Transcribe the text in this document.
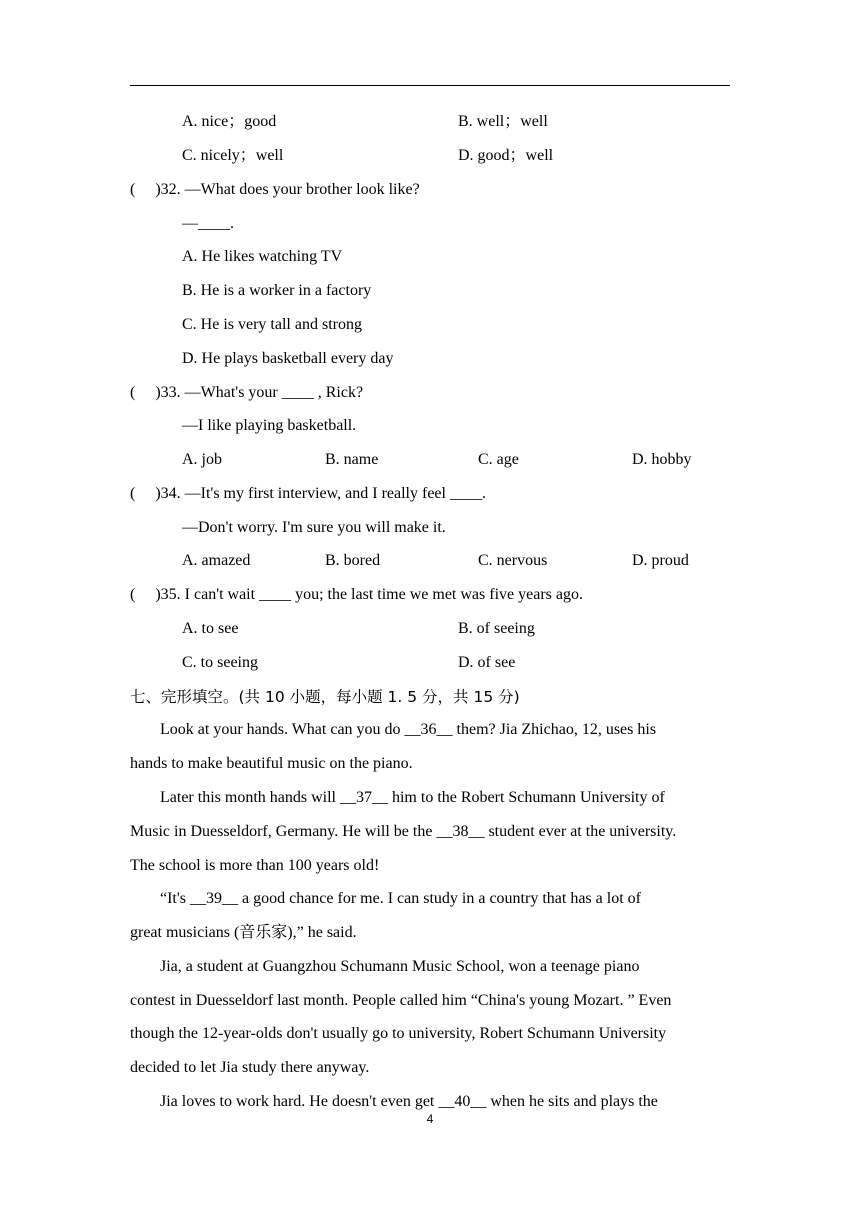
A. nice；good	B. well；well
C. nicely；well	D. good；well
(  )32. —What does your brother look like?
—____.
A. He likes watching TV
B. He is a worker in a factory
C. He is very tall and strong
D. He plays basketball every day
(  )33. —What's your ____ , Rick?
—I like playing basketball.
A. job	B. name	C. age	D. hobby
(  )34. —It's my first interview, and I really feel ____.
—Don't worry. I'm sure you will make it.
A. amazed	B. bored	C. nervous	D. proud
(  )35. I can't wait ____ you; the last time we met was five years ago.
A. to see	B. of seeing
C. to seeing	D. of see
七、完形填空。(共 10 小题，每小题 1. 5 分，共 15 分)
Look at your hands. What can you do __36__ them? Jia Zhichao, 12, uses his
hands to make beautiful music on the piano.
Later this month hands will __37__ him to the Robert Schumann University of
Music in Duesseldorf, Germany. He will be the __38__ student ever at the university.
The school is more than 100 years old!
“It's __39__ a good chance for me. I can study in a country that has a lot of
great musicians (音乐家),” he said.
Jia, a student at Guangzhou Schumann Music School, won a teenage piano
contest in Duesseldorf last month. People called him “China's young Mozart. ” Even
though the 12-year-olds don't usually go to university, Robert Schumann University
decided to let Jia study there anyway.
Jia loves to work hard. He doesn't even get __40__ when he sits and plays the
4
